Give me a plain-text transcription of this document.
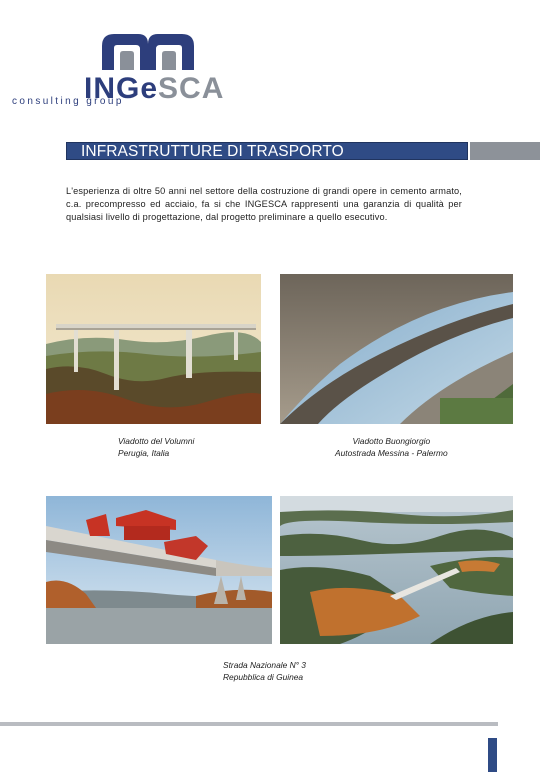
INGeSCA
consulting group
INFRASTRUTTURE DI TRASPORTO

L'esperienza di oltre 50 anni nel settore della costruzione di grandi opere in cemento armato, c.a. precompresso ed acciaio, fa si che INGESCA rappresenti una garanzia di qualità per qualsiasi livello di progettazione, dal progetto preliminare a quello esecutivo.

Viadotto del Volumni
Perugia, Italia
Viadotto Buongiorgio
Autostrada Messina - Palermo
Strada Nazionale N° 3
Repubblica di Guinea
